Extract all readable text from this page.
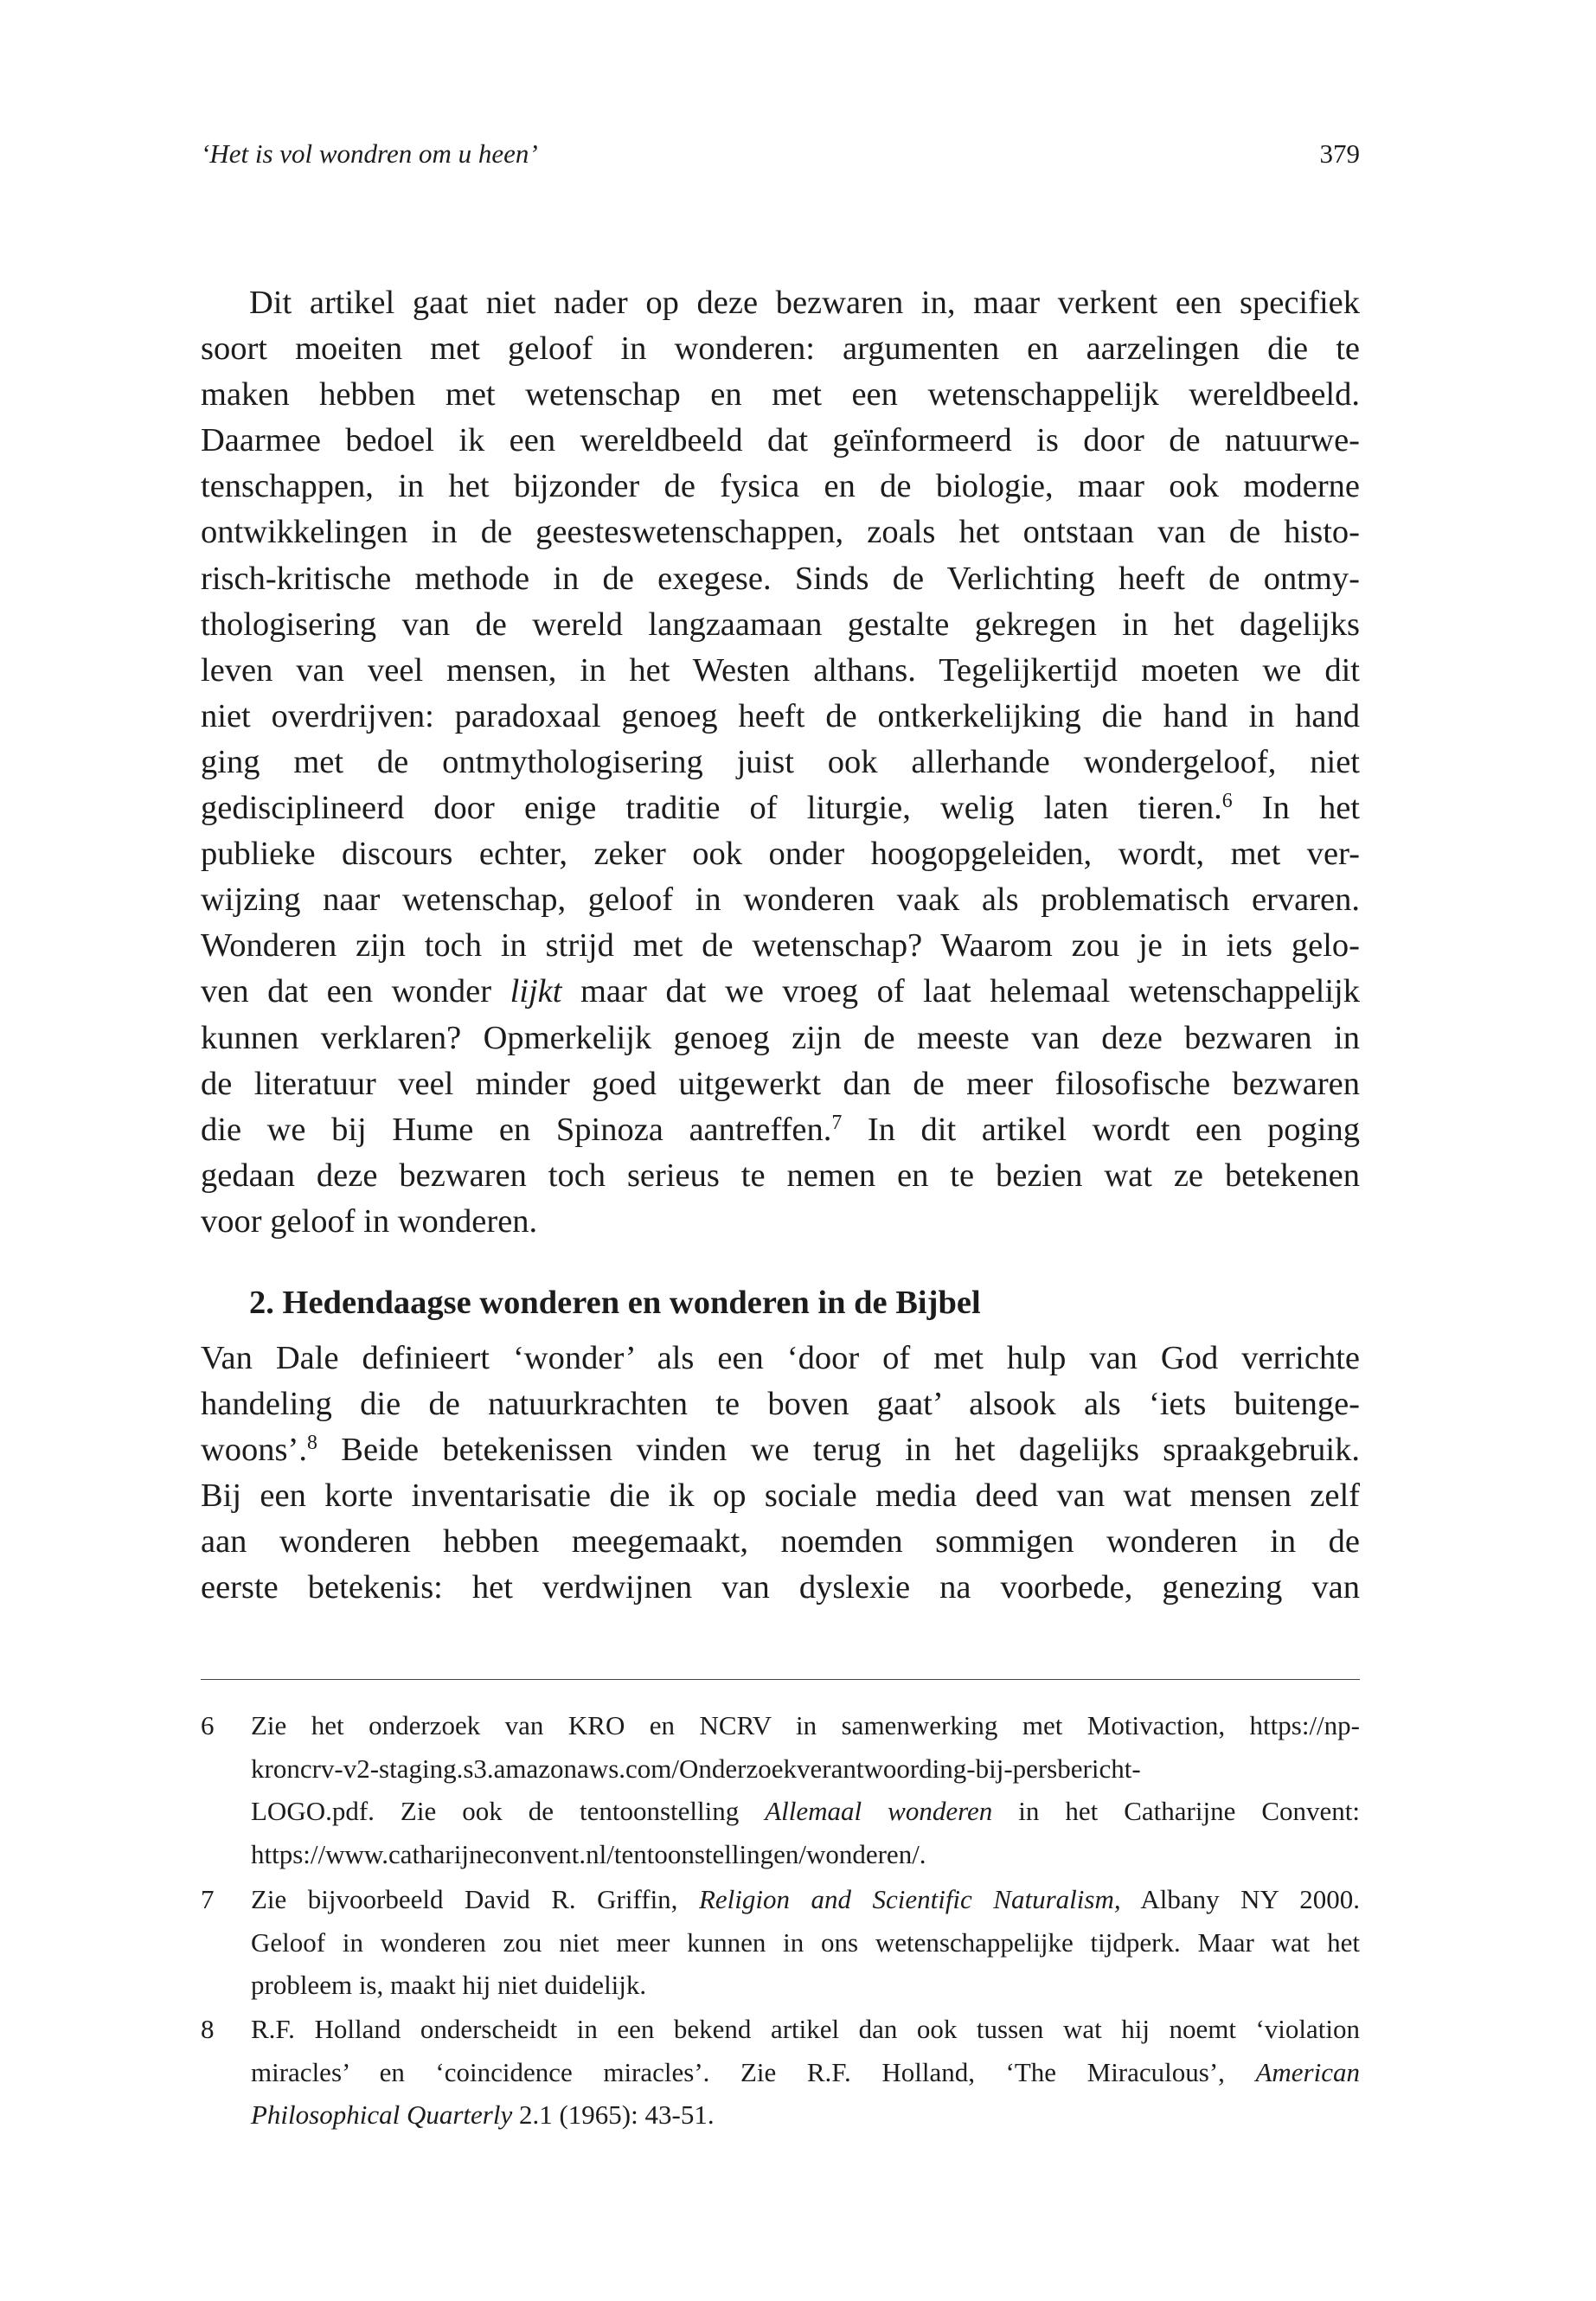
‘Het is vol wondren om u heen’	379
Dit artikel gaat niet nader op deze bezwaren in, maar verkent een specifiek
soort moeiten met geloof in wonderen: argumenten en aarzelingen die te
maken hebben met wetenschap en met een wetenschappelijk wereldbeeld.
Daarmee bedoel ik een wereldbeeld dat geïnformeerd is door de natuurwe-
tenschappen, in het bijzonder de fysica en de biologie, maar ook moderne
ontwikkelingen in de geesteswetenschappen, zoals het ontstaan van de histo-
risch-kritische methode in de exegese. Sinds de Verlichting heeft de ontmy-
thologisering van de wereld langzaamaan gestalte gekregen in het dagelijks
leven van veel mensen, in het Westen althans. Tegelijkertijd moeten we dit
niet overdrijven: paradoxaal genoeg heeft de ontkerkelijking die hand in hand
ging met de ontmythologisering juist ook allerhande wondergeloof, niet
gedisciplineerd door enige traditie of liturgie, welig laten tieren.$^6$ In het
publieke discours echter, zeker ook onder hoogopgeleiden, wordt, met ver-
wijzing naar wetenschap, geloof in wonderen vaak als problematisch ervaren.
Wonderen zijn toch in strijd met de wetenschap? Waarom zou je in iets gelo-
ven dat een wonder lijkt maar dat we vroeg of laat helemaal wetenschappelijk
kunnen verklaren? Opmerkelijk genoeg zijn de meeste van deze bezwaren in
de literatuur veel minder goed uitgewerkt dan de meer filosofische bezwaren
die we bij Hume en Spinoza aantreffen.$^7$ In dit artikel wordt een poging
gedaan deze bezwaren toch serieus te nemen en te bezien wat ze betekenen
voor geloof in wonderen.
2. Hedendaagse wonderen en wonderen in de Bijbel
Van Dale definieert ‘wonder’ als een ‘door of met hulp van God verrichte
handeling die de natuurkrachten te boven gaat’ alsook als ‘iets buitenge-
woons’.$^8$ Beide betekenissen vinden we terug in het dagelijks spraakgebruik.
Bij een korte inventarisatie die ik op sociale media deed van wat mensen zelf
aan wonderen hebben meegemaakt, noemden sommigen wonderen in de
eerste betekenis: het verdwijnen van dyslexie na voorbede, genezing van
6 Zie het onderzoek van KRO en NCRV in samenwerking met Motivaction, https://np-
kroncrv-v2-staging.s3.amazonaws.com/Onderzoekverantwoording-bij-persbericht-
LOGO.pdf. Zie ook de tentoonstelling Allemaal wonderen in het Catharijne Convent:
https://www.catharijneconvent.nl/tentoonstellingen/wonderen/.
7 Zie bijvoorbeeld David R. Griffin, Religion and Scientific Naturalism, Albany NY 2000.
Geloof in wonderen zou niet meer kunnen in ons wetenschappelijke tijdperk. Maar wat het
probleem is, maakt hij niet duidelijk.
8 R.F. Holland onderscheidt in een bekend artikel dan ook tussen wat hij noemt ‘violation
miracles’ en ‘coincidence miracles’. Zie R.F. Holland, ‘The Miraculous’, American
Philosophical Quarterly 2.1 (1965): 43-51.
